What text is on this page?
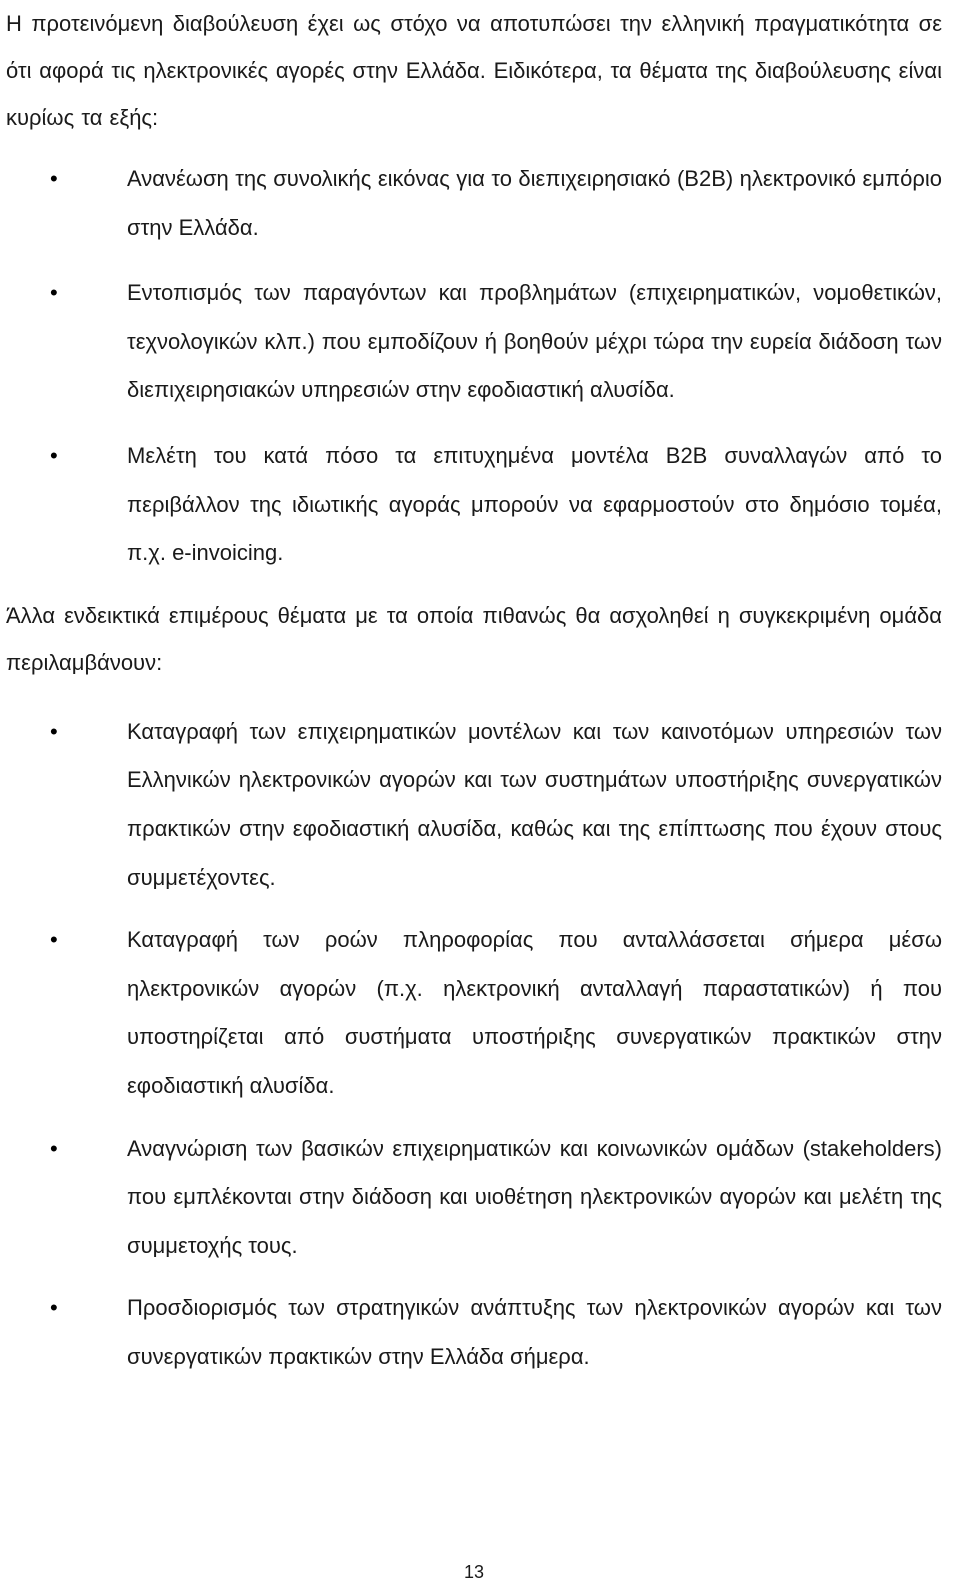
Η προτεινόμενη διαβούλευση έχει ως στόχο να αποτυπώσει την ελληνική πραγματικότητα σε ότι αφορά τις ηλεκτρονικές αγορές στην Ελλάδα. Ειδικότερα, τα θέματα της διαβούλευσης είναι κυρίως τα εξής:

•	Ανανέωση της συνολικής εικόνας για το διεπιχειρησιακό (B2B) ηλεκτρονικό εμπόριο στην Ελλάδα.
•	Εντοπισμός των παραγόντων και προβλημάτων (επιχειρηματικών, νομοθετικών, τεχνολογικών κλπ.) που εμποδίζουν ή βοηθούν μέχρι τώρα την ευρεία διάδοση των διεπιχειρησιακών υπηρεσιών στην εφοδιαστική αλυσίδα.
•	Μελέτη του κατά πόσο τα επιτυχημένα μοντέλα B2B συναλλαγών από το περιβάλλον της ιδιωτικής αγοράς μπορούν να εφαρμοστούν στο δημόσιο τομέα, π.χ. e-invoicing.

Άλλα ενδεικτικά επιμέρους θέματα με τα οποία πιθανώς θα ασχοληθεί η συγκεκριμένη ομάδα περιλαμβάνουν:

•	Καταγραφή των επιχειρηματικών μοντέλων και των καινοτόμων υπηρεσιών των Ελληνικών ηλεκτρονικών αγορών και των συστημάτων υποστήριξης συνεργατικών πρακτικών στην εφοδιαστική αλυσίδα, καθώς και της επίπτωσης που έχουν στους συμμετέχοντες.
•	Καταγραφή των ροών πληροφορίας που ανταλλάσσεται σήμερα μέσω ηλεκτρονικών αγορών (π.χ. ηλεκτρονική ανταλλαγή παραστατικών) ή που υποστηρίζεται από συστήματα υποστήριξης συνεργατικών πρακτικών στην εφοδιαστική αλυσίδα.
•	Αναγνώριση των βασικών επιχειρηματικών και κοινωνικών ομάδων (stakeholders) που εμπλέκονται στην διάδοση και υιοθέτηση ηλεκτρονικών αγορών και μελέτη της συμμετοχής τους.
•	Προσδιορισμός των στρατηγικών ανάπτυξης των ηλεκτρονικών αγορών και των συνεργατικών πρακτικών στην Ελλάδα σήμερα.
13
